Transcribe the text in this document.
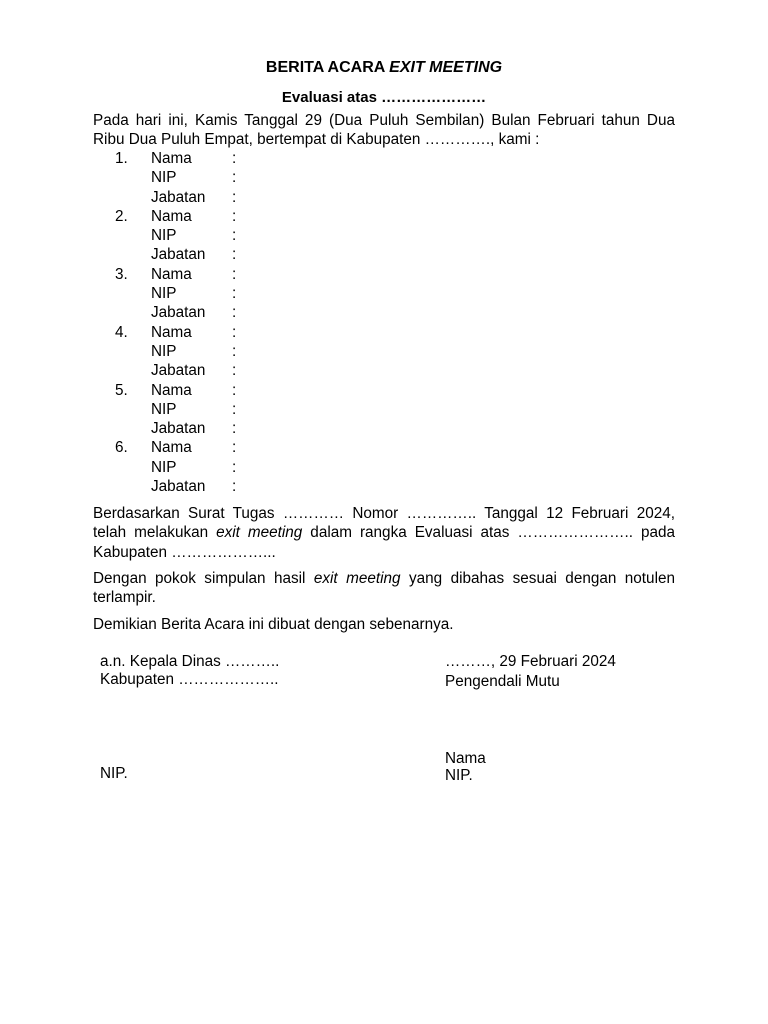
BERITA ACARA EXIT MEETING
Evaluasi atas …………………
Pada hari ini, Kamis Tanggal 29 (Dua Puluh Sembilan) Bulan Februari tahun Dua Ribu Dua Puluh Empat, bertempat di Kabupaten …………., kami :
1.	Nama	:
NIP	:
Jabatan :
2.	Nama	:
NIP	:
Jabatan :
3.	Nama	:
NIP	:
Jabatan :
4.	Nama	:
NIP	:
Jabatan :
5.	Nama	:
NIP	:
Jabatan :
6.	Nama	:
NIP	:
Jabatan :
Berdasarkan Surat Tugas ………… Nomor ………….. Tanggal 12 Februari 2024, telah melakukan exit meeting dalam rangka Evaluasi atas ………………….. pada Kabupaten ………………...
Dengan pokok simpulan hasil exit meeting yang dibahas sesuai dengan notulen terlampir.
Demikian Berita Acara ini dibuat dengan sebenarnya.
a.n. Kepala Dinas ………..
Kabupaten ………………..
NIP.
………, 29 Februari 2024
Pengendali Mutu
Nama
NIP.
